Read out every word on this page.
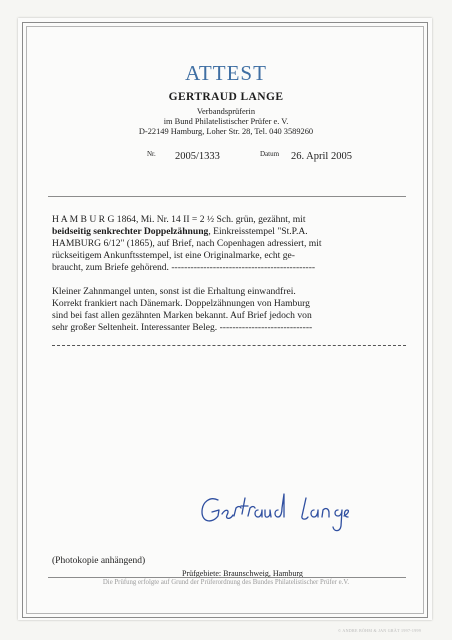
ATTEST
GERTRAUD LANGE
Verbandsprüferin
im Bund Philatelistischer Prüfer e. V.
D-22149 Hamburg, Loher Str. 28, Tel. 040 3589260
Nr. 2005/1333	Datum 26. April 2005

H A M B U R G 1864, Mi. Nr. 14 II = 2 ½ Sch. grün, gezähnt, mit

beidseitig senkrechter Doppelzähnung, Einkreisstempel "St.P.A.

HAMBURG 6/12" (1865), auf Brief, nach Copenhagen adressiert, mit

rückseitigem Ankunftsstempel, ist eine Originalmarke, echt ge-

braucht, zum Briefe gehörend. ---------------------------------------------

Kleiner Zahnmangel unten, sonst ist die Erhaltung einwandfrei.

Korrekt frankiert nach Dänemark. Doppelzähnungen von Hamburg

sind bei fast allen gezähnten Marken bekannt. Auf Brief jedoch von

sehr großer Seltenheit. Interessanter Beleg. -----------------------------

(Photokopie anhängend)
Prüfgebiete: Braunschweig, Hamburg
Die Prüfung erfolgte auf Grund der Prüferordnung des Bundes Philatelistischer Prüfer e.V.
© ANDRE BÖHM & JAN GRÄT 1997-1999
